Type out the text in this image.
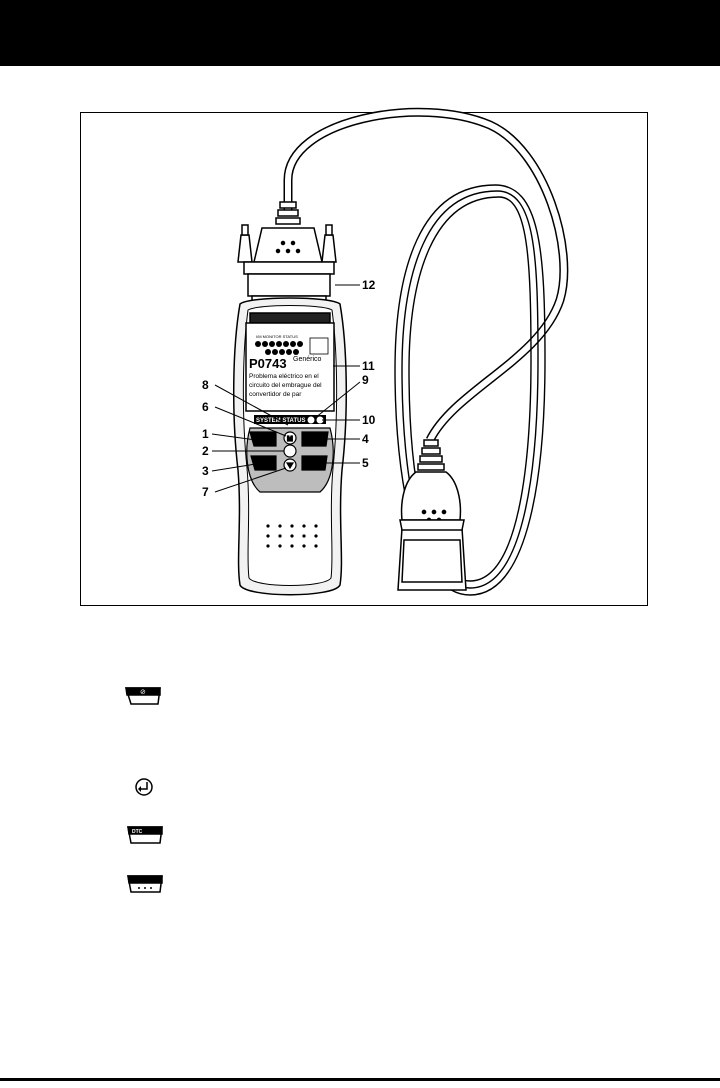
I/M MONITOR STATUS
P0743 Genérico
Problema eléctrico en el
circuito del embrague del
convertidor de par
SYSTEM STATUS
⊘
DTC	ABS
M
1
2
3
4
5
6
7
8	9
10
11
12
⊘
DTC
